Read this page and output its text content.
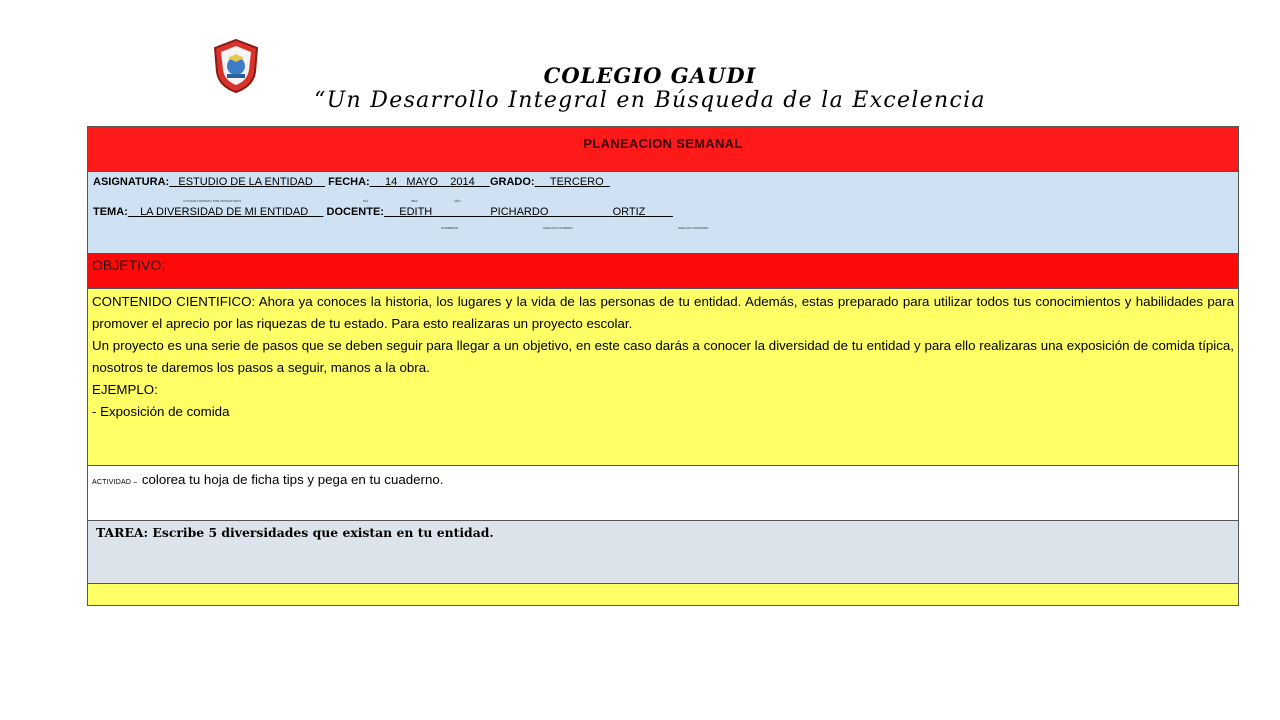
COLEGIO GAUDI
“Un Desarrollo Integral en Búsqueda de la Excelencia
PLANEACION SEMANAL
ASIGNATURA: ESTUDIO DE LA ENTIDAD FECHA: 14 MAYO 2014 GRADO: TERCERO
UTILIZAR FORMATO POR ASIGNATURAS	DÍA	MES	AÑO
TEMA: LA DIVERSIDAD DE MI ENTIDAD DOCENTE: EDITH	PICHARDO	ORTIZ
NOMBRE(S)	APELLIDO PATERNO	APELLIDO MATERNO
OBJETIVO:

CONTENIDO CIENTIFICO: Ahora ya conoces la historia, los lugares y la vida de las personas de tu entidad. Además, estas preparado para utilizar todos tus conocimientos y habilidades para promover el aprecio por las riquezas de tu estado. Para esto realizaras un proyecto escolar.

Un proyecto es una serie de pasos que se deben seguir para llegar a un objetivo, en este caso darás a conocer la diversidad de tu entidad y para ello realizaras una exposición de comida típica, nosotros te daremos los pasos a seguir, manos a la obra.

EJEMPLO:

- Exposición de comida

ACTIVIDAD – colorea tu hoja de ficha tips y pega en tu cuaderno.
TAREA: Escribe 5 diversidades que existan en tu entidad.
